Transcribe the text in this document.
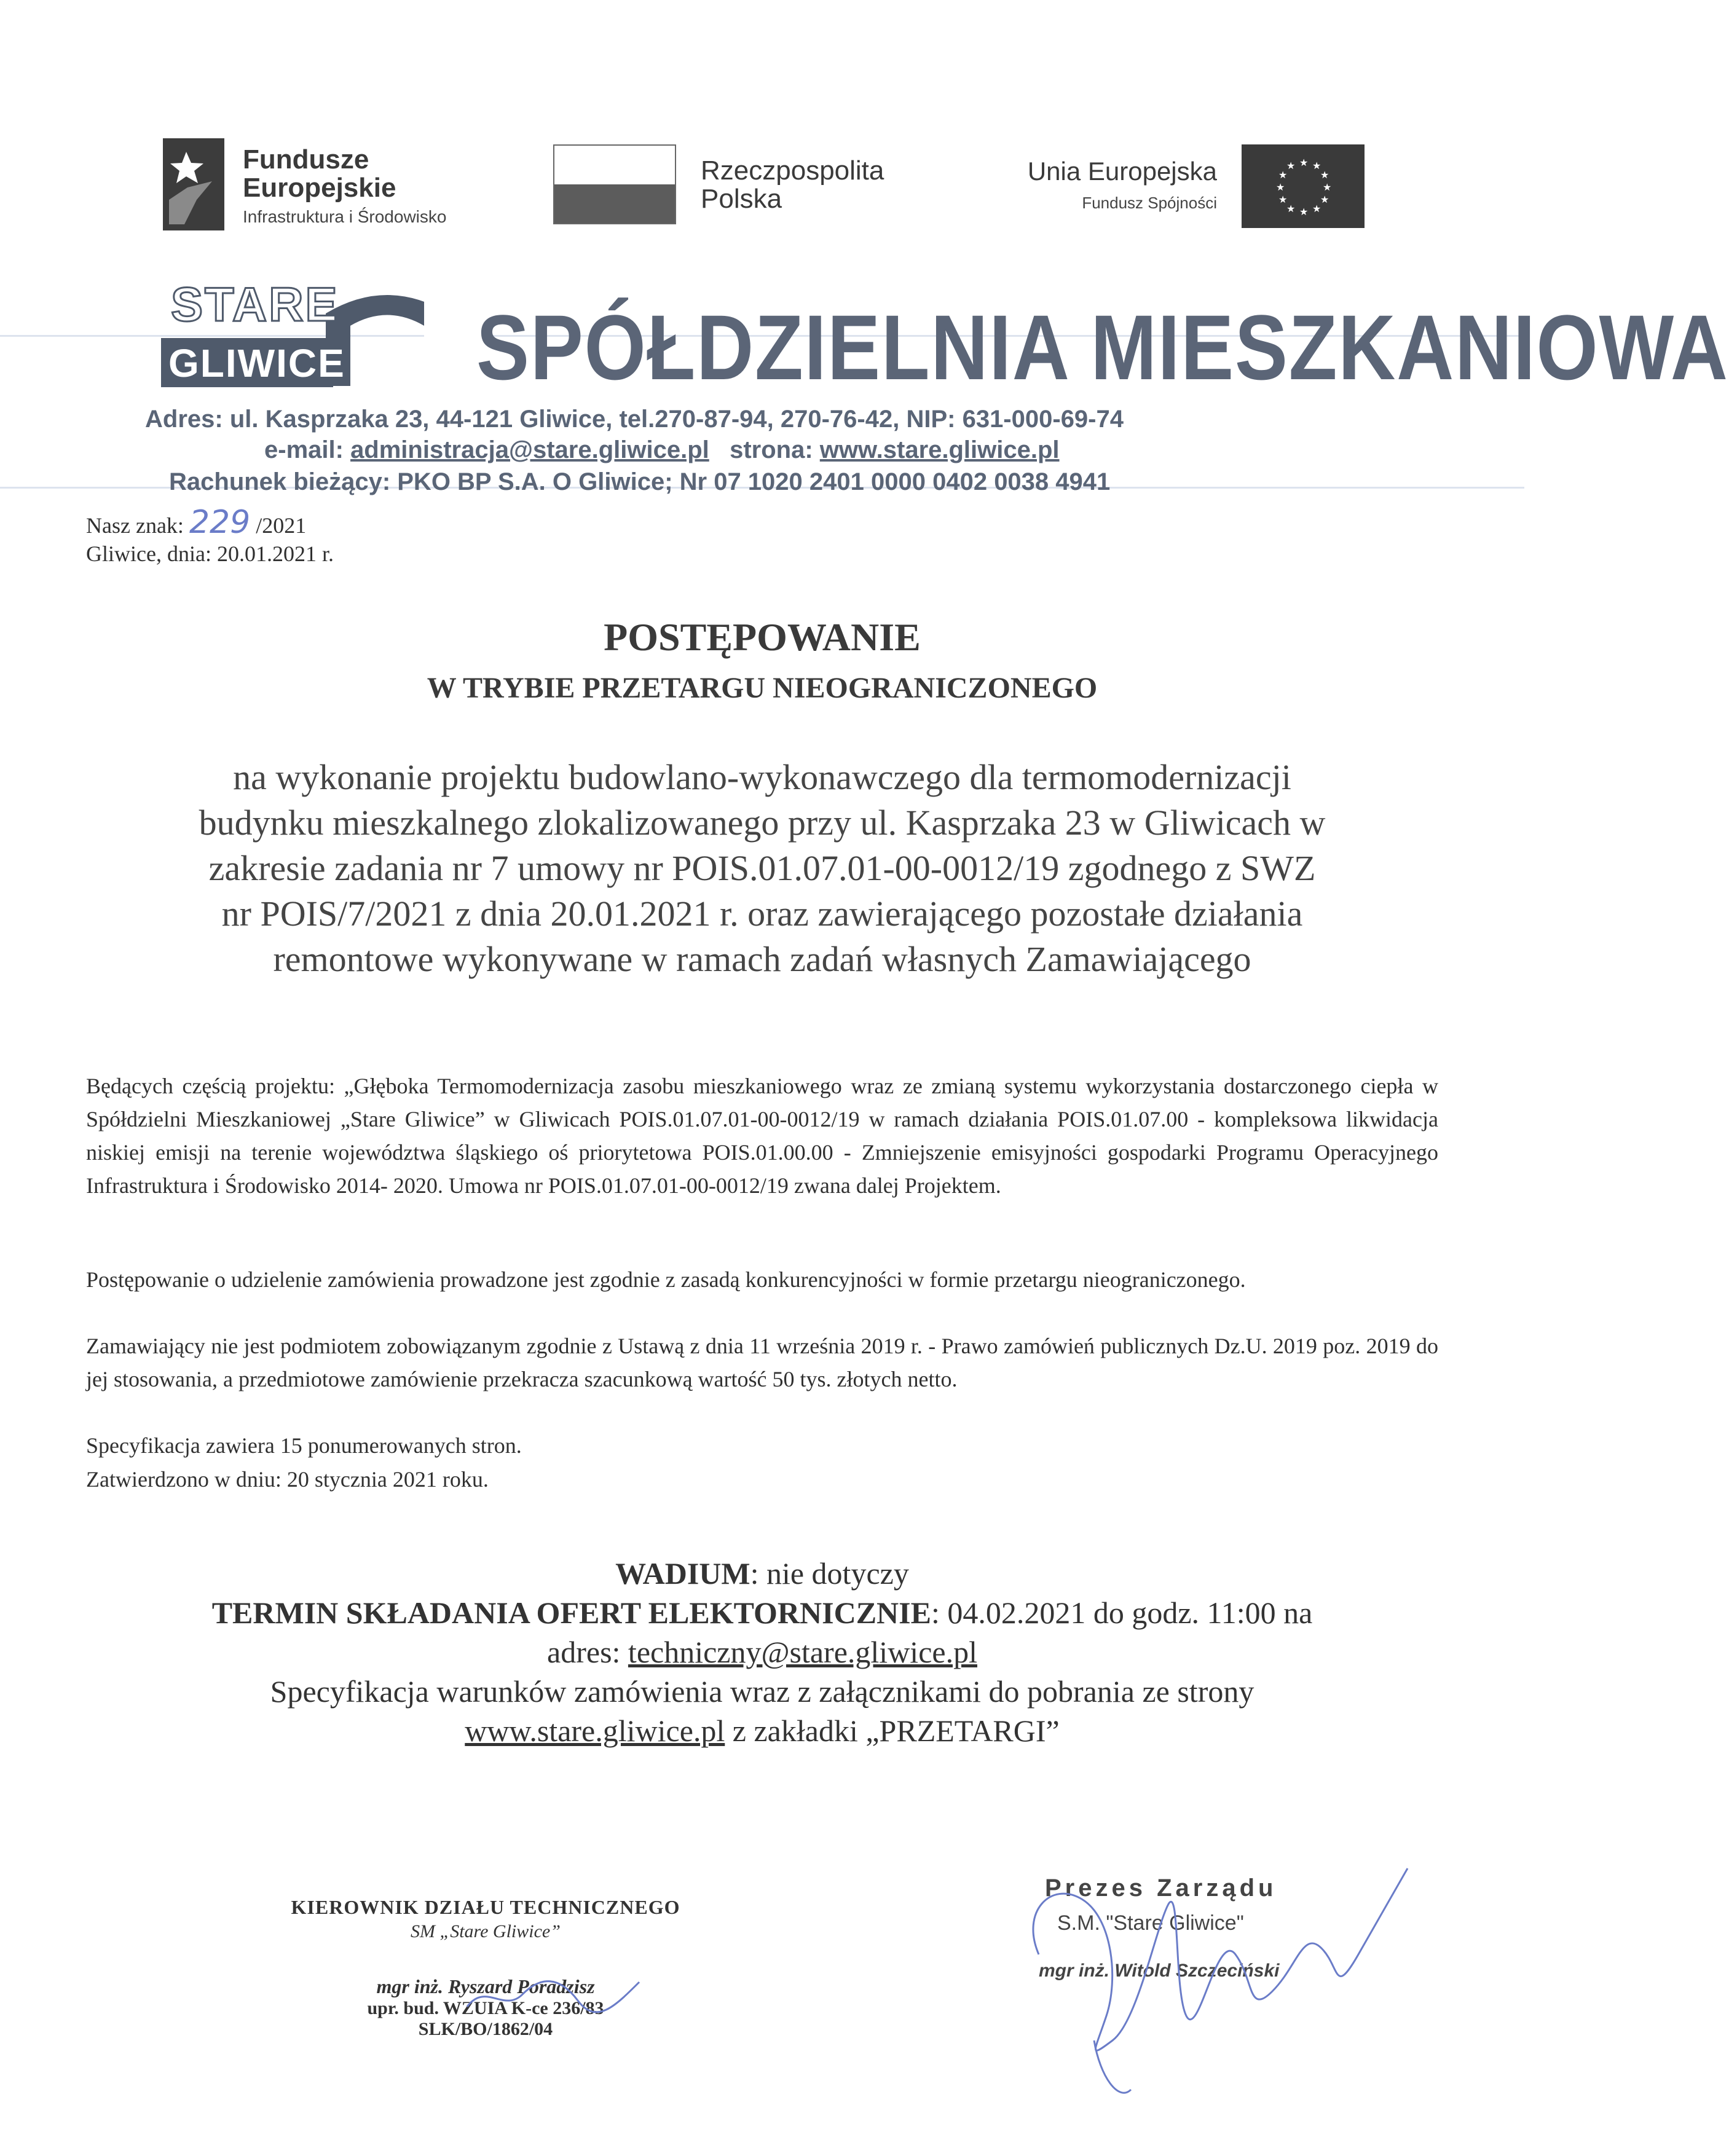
Fundusze
Europejskie
Infrastruktura i Środowisko
Rzeczpospolita
Polska
Unia Europejska
Fundusz Spójności
★ ★
★
★
★
★
★
★
★
★
★
★
STARE
GLIWICE SPÓŁDZIELNIA MIESZKANIOWA
Adres: ul. Kasprzaka 23, 44-121 Gliwice, tel.270-87-94, 270-76-42, NIP: 631-000-69-74
e-mail: administracja@stare.gliwice.pl strona: www.stare.gliwice.pl
Rachunek bieżący: PKO BP S.A. O Gliwice; Nr 07 1020 2401 0000 0402 0038 4941
Nasz znak: 229 /2021
Gliwice, dnia: 20.01.2021 r.
POSTĘPOWANIE
W TRYBIE PRZETARGU NIEOGRANICZONEGO
na wykonanie projektu budowlano-wykonawczego dla termomodernizacji
budynku mieszkalnego zlokalizowanego przy ul. Kasprzaka 23 w Gliwicach w
zakresie zadania nr 7 umowy nr POIS.01.07.01-00-0012/19 zgodnego z SWZ
nr POIS/7/2021 z dnia 20.01.2021 r. oraz zawierającego pozostałe działania
remontowe wykonywane w ramach zadań własnych Zamawiającego
Będących częścią projektu: „Głęboka Termomodernizacja zasobu mieszkaniowego wraz ze zmianą systemu wykorzystania dostarczonego ciepła w Spółdzielni Mieszkaniowej „Stare Gliwice” w Gliwicach POIS.01.07.01-00-0012/19 w ramach działania POIS.01.07.00 - kompleksowa likwidacja niskiej emisji na terenie województwa śląskiego oś priorytetowa POIS.01.00.00 - Zmniejszenie emisyjności gospodarki Programu Operacyjnego Infrastruktura i Środowisko 2014- 2020. Umowa nr POIS.01.07.01-00-0012/19 zwana dalej Projektem.
Postępowanie o udzielenie zamówienia prowadzone jest zgodnie z zasadą konkurencyjności w formie przetargu nieograniczonego.
Zamawiający nie jest podmiotem zobowiązanym zgodnie z Ustawą z dnia 11 września 2019 r. - Prawo zamówień publicznych Dz.U. 2019 poz. 2019 do jej stosowania, a przedmiotowe zamówienie przekracza szacunkową wartość 50 tys. złotych netto.
Specyfikacja zawiera 15 ponumerowanych stron.
Zatwierdzono w dniu: 20 stycznia 2021 roku.
WADIUM: nie dotyczy
TERMIN SKŁADANIA OFERT ELEKTORNICZNIE: 04.02.2021 do godz. 11:00 na
adres: techniczny@stare.gliwice.pl
Specyfikacja warunków zamówienia wraz z załącznikami do pobrania ze strony
www.stare.gliwice.pl z zakładki „PRZETARGI”
KIEROWNIK DZIAŁU TECHNICZNEGO
SM „Stare Gliwice”
mgr inż. Ryszard Poradzisz
upr. bud. WZUIA K-ce 236/83
SLK/BO/1862/04
Prezes Zarządu
S.M. "Stare Gliwice"
mgr inż. Witold Szczeciński
